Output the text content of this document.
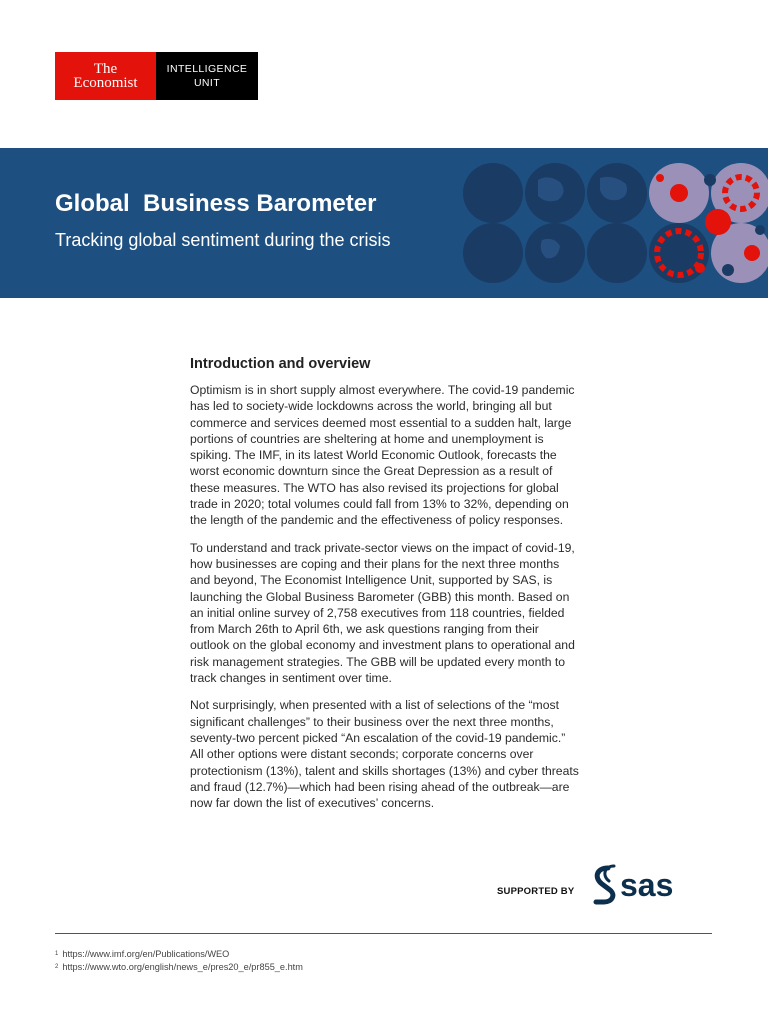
The
Economist
INTELLIGENCE
UNIT
Global  Business Barometer

Tracking global sentiment during the crisis

Introduction and overview

Optimism is in short supply almost everywhere. The covid-19 pandemic has led to society-wide lockdowns across the world, bringing all but commerce and services deemed most essential to a sudden halt, large portions of countries are sheltering at home and unemployment is spiking. The IMF, in its latest World Economic Outlook, forecasts the worst economic downturn since the Great Depression as a result of these measures. The WTO has also revised its projections for global trade in 2020; total volumes could fall from 13% to 32%, depending on the length of the pandemic and the effectiveness of policy responses.

To understand and track private-sector views on the impact of covid-19, how businesses are coping and their plans for the next three months and beyond, The Economist Intelligence Unit, supported by SAS, is launching the Global Business Barometer (GBB) this month. Based on an initial online survey of 2,758 executives from 118 countries, fielded from March 26th to April 6th, we ask questions ranging from their outlook on the global economy and investment plans to operational and risk management strategies. The GBB will be updated every month to track changes in sentiment over time.

Not surprisingly, when presented with a list of selections of the “most significant challenges” to their business over the next three months, seventy-two percent picked “An escalation of the covid-19 pandemic.” All other options were distant seconds; corporate concerns over protectionism (13%), talent and skills shortages (13%) and cyber threats and fraud (12.7%)—which had been rising ahead of the outbreak—are now far down the list of executives’ concerns.

SUPPORTED BY sas
$^1$ https://www.imf.org/en/Publications/WEO
$^2$ https://www.wto.org/english/news_e/pres20_e/pr855_e.htm
